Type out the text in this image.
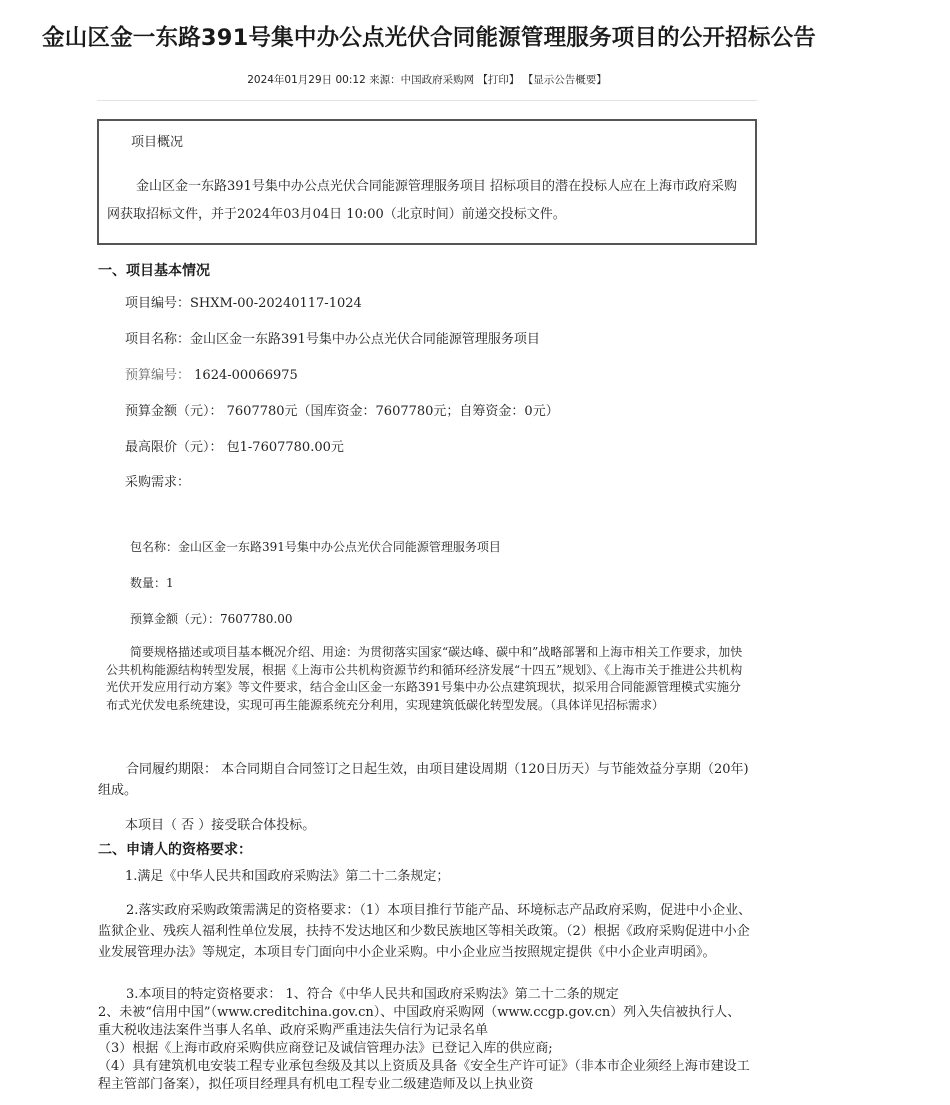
金山区金一东路391号集中办公点光伏合同能源管理服务项目的公开招标公告
2024年01月29日 00:12 来源：中国政府采购网 【打印】 【显示公告概要】
项目概况
金山区金一东路391号集中办公点光伏合同能源管理服务项目 招标项目的潜在投标人应在上海市政府采购网获取招标文件，并于2024年03月04日 10:00（北京时间）前递交投标文件。
一、项目基本情况
项目编号：SHXM-00-20240117-1024
项目名称：金山区金一东路391号集中办公点光伏合同能源管理服务项目
预算编号： 1624-00066975
预算金额（元）： 7607780元（国库资金：7607780元；自筹资金：0元）
最高限价（元）： 包1-7607780.00元
采购需求：
包名称：金山区金一东路391号集中办公点光伏合同能源管理服务项目
数量：1
预算金额（元）：7607780.00
简要规格描述或项目基本概况介绍、用途：为贯彻落实国家“碳达峰、碳中和”战略部署和上海市相关工作要求，加快公共机构能源结构转型发展，根据《上海市公共机构资源节约和循环经济发展“十四五”规划》、《上海市关于推进公共机构光伏开发应用行动方案》等文件要求，结合金山区金一东路391号集中办公点建筑现状，拟采用合同能源管理模式实施分布式光伏发电系统建设，实现可再生能源系统充分利用，实现建筑低碳化转型发展。（具体详见招标需求）
合同履约期限： 本合同期自合同签订之日起生效，由项目建设周期（120日历天）与节能效益分享期（20年)组成。
本项目（ 否 ）接受联合体投标。
二、申请人的资格要求：
1.满足《中华人民共和国政府采购法》第二十二条规定；
2.落实政府采购政策需满足的资格要求：（1）本项目推行节能产品、环境标志产品政府采购，促进中小企业、监狱企业、残疾人福利性单位发展，扶持不发达地区和少数民族地区等相关政策。（2）根据《政府采购促进中小企业发展管理办法》等规定，本项目专门面向中小企业采购。中小企业应当按照规定提供《中小企业声明函》。
3.本项目的特定资格要求： 1、符合《中华人民共和国政府采购法》第二十二条的规定
2、未被“信用中国”（www.creditchina.gov.cn）、中国政府采购网（www.ccgp.gov.cn）列入失信被执行人、重大税收违法案件当事人名单、政府采购严重违法失信行为记录名单
（3）根据《上海市政府采购供应商登记及诚信管理办法》已登记入库的供应商;
（4）具有建筑机电安装工程专业承包叁级及其以上资质及具备《安全生产许可证》（非本市企业须经上海市建设工程主管部门备案），拟任项目经理具有机电工程专业二级建造师及以上执业资
